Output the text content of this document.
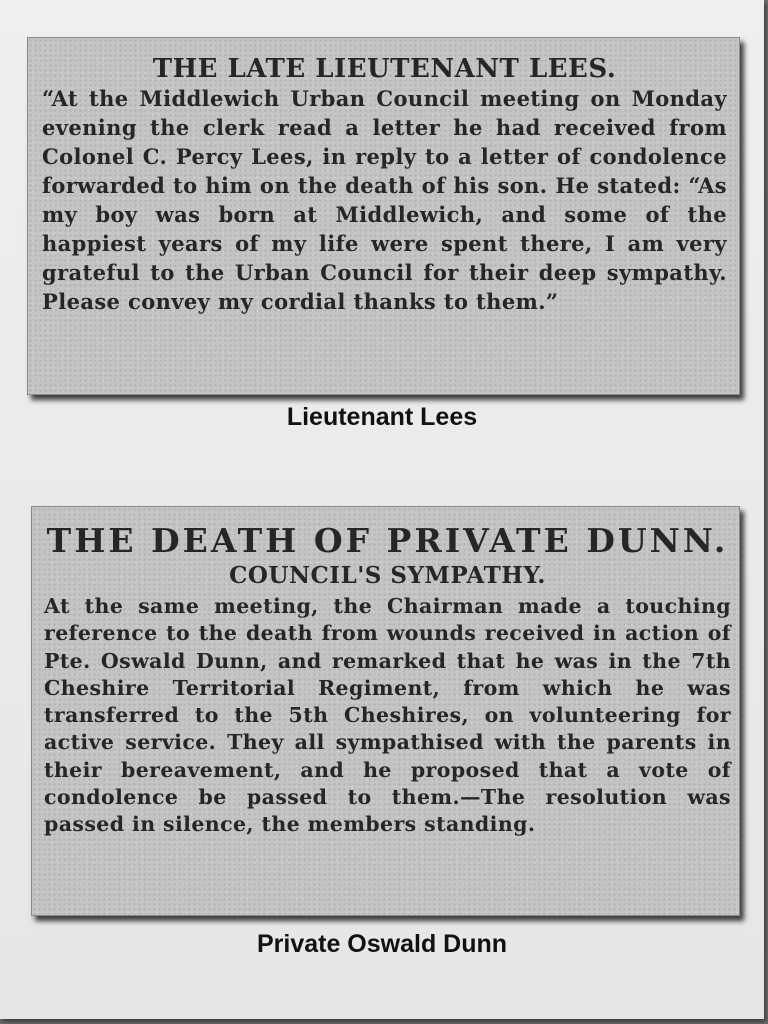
THE LATE LIEUTENANT LEES.

“At the Middlewich Urban Council meeting on Monday evening the clerk read a letter he had received from Colonel C. Percy Lees, in reply to a letter of condolence forwarded to him on the death of his son. He stated: “As my boy was born at Middlewich, and some of the happiest years of my life were spent there, I am very grateful to the Urban Council for their deep sympathy. Please convey my cordial thanks to them.”

Lieutenant Lees

THE DEATH OF PRIVATE DUNN.

COUNCIL'S SYMPATHY.

At the same meeting, the Chairman made a touching reference to the death from wounds received in action of Pte. Oswald Dunn, and remarked that he was in the 7th Cheshire Territorial Regiment, from which he was transferred to the 5th Cheshires, on volunteering for active service. They all sympathised with the parents in their bereavement, and he proposed that a vote of condolence be passed to them.—The resolution was passed in silence, the members standing.

Private Oswald Dunn
